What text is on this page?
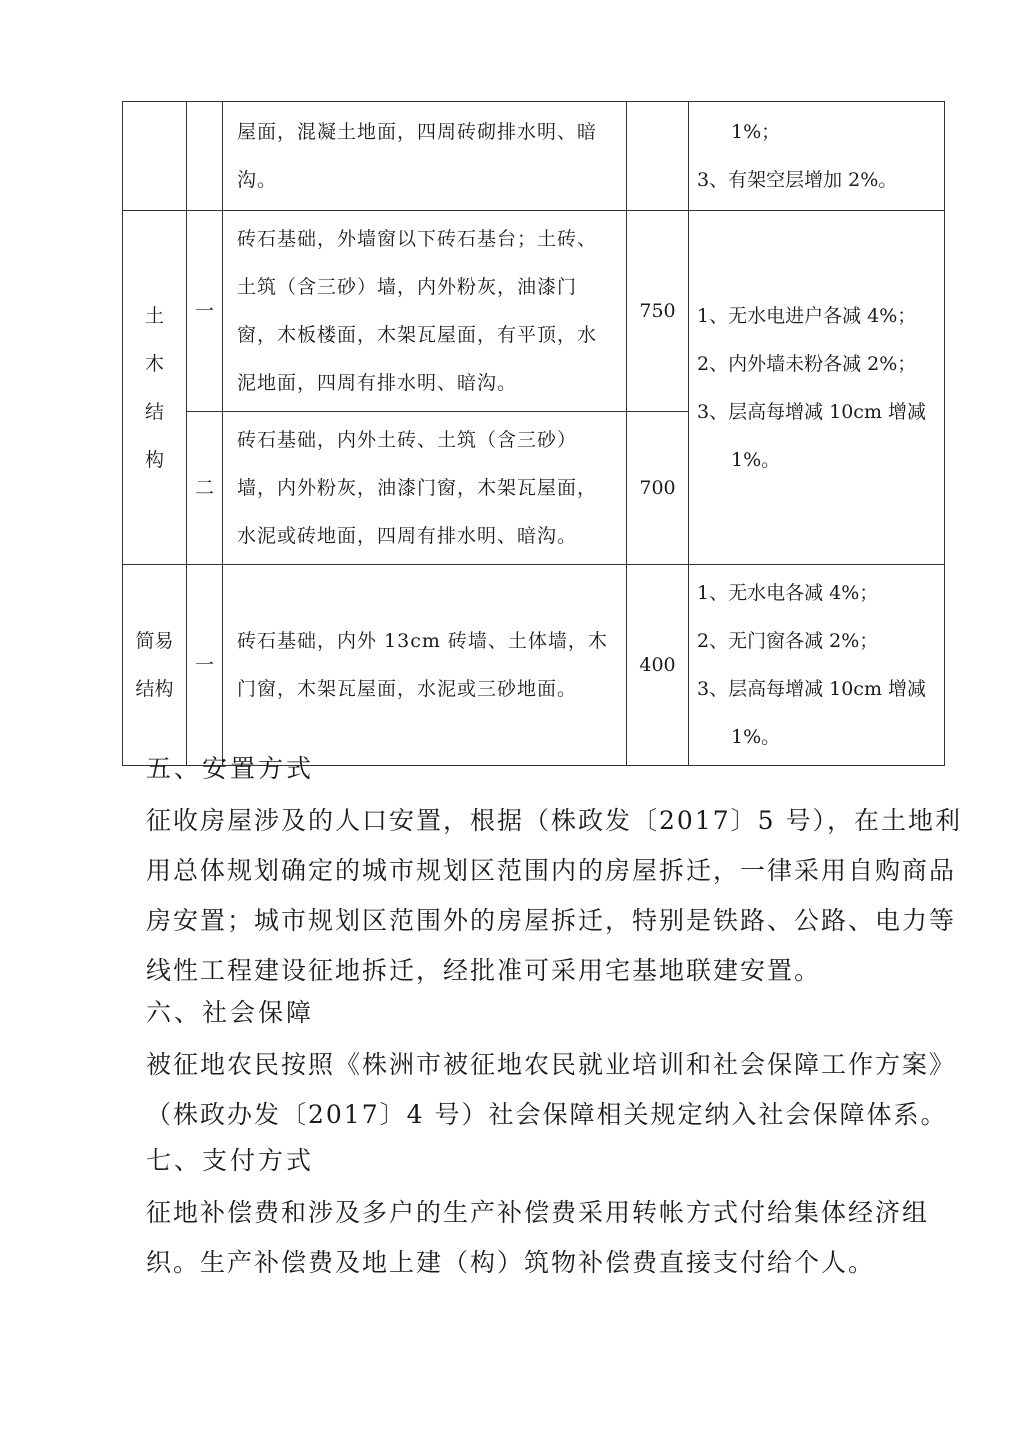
		屋面，混凝土地面，四周砖砌排水明、暗沟。		1%；
3、有架空层增加 2%。

土
木
结
构	一	砖石基础，外墙窗以下砖石基台；土砖、土筑（含三砂）墙，内外粉灰，油漆门窗，木板楼面，木架瓦屋面，有平顶，水泥地面，四周有排水明、暗沟。	750	1、无水电进户各减 4%；
2、内外墙未粉各减 2%；
3、层高每增减 10cm 增减
1%。

	二	砖石基础，内外土砖、土筑（含三砂）墙，内外粉灰，油漆门窗，木架瓦屋面，水泥或砖地面，四周有排水明、暗沟。	700	
简易
结构	一	砖石基础，内外 13cm 砖墙、土体墙，木门窗，木架瓦屋面，水泥或三砂地面。	400	1、无水电各减 4%；
2、无门窗各减 2%；
3、层高每增减 10cm 增减
1%。
五、安置方式
征收房屋涉及的人口安置，根据（株政发〔2017〕5 号），在土地利用总体规划确定的城市规划区范围内的房屋拆迁，一律采用自购商品房安置；城市规划区范围外的房屋拆迁，特别是铁路、公路、电力等线性工程建设征地拆迁，经批准可采用宅基地联建安置。
六、社会保障
被征地农民按照《株洲市被征地农民就业培训和社会保障工作方案》（株政办发〔2017〕4 号）社会保障相关规定纳入社会保障体系。
七、支付方式
征地补偿费和涉及多户的生产补偿费采用转帐方式付给集体经济组织。生产补偿费及地上建（构）筑物补偿费直接支付给个人。
